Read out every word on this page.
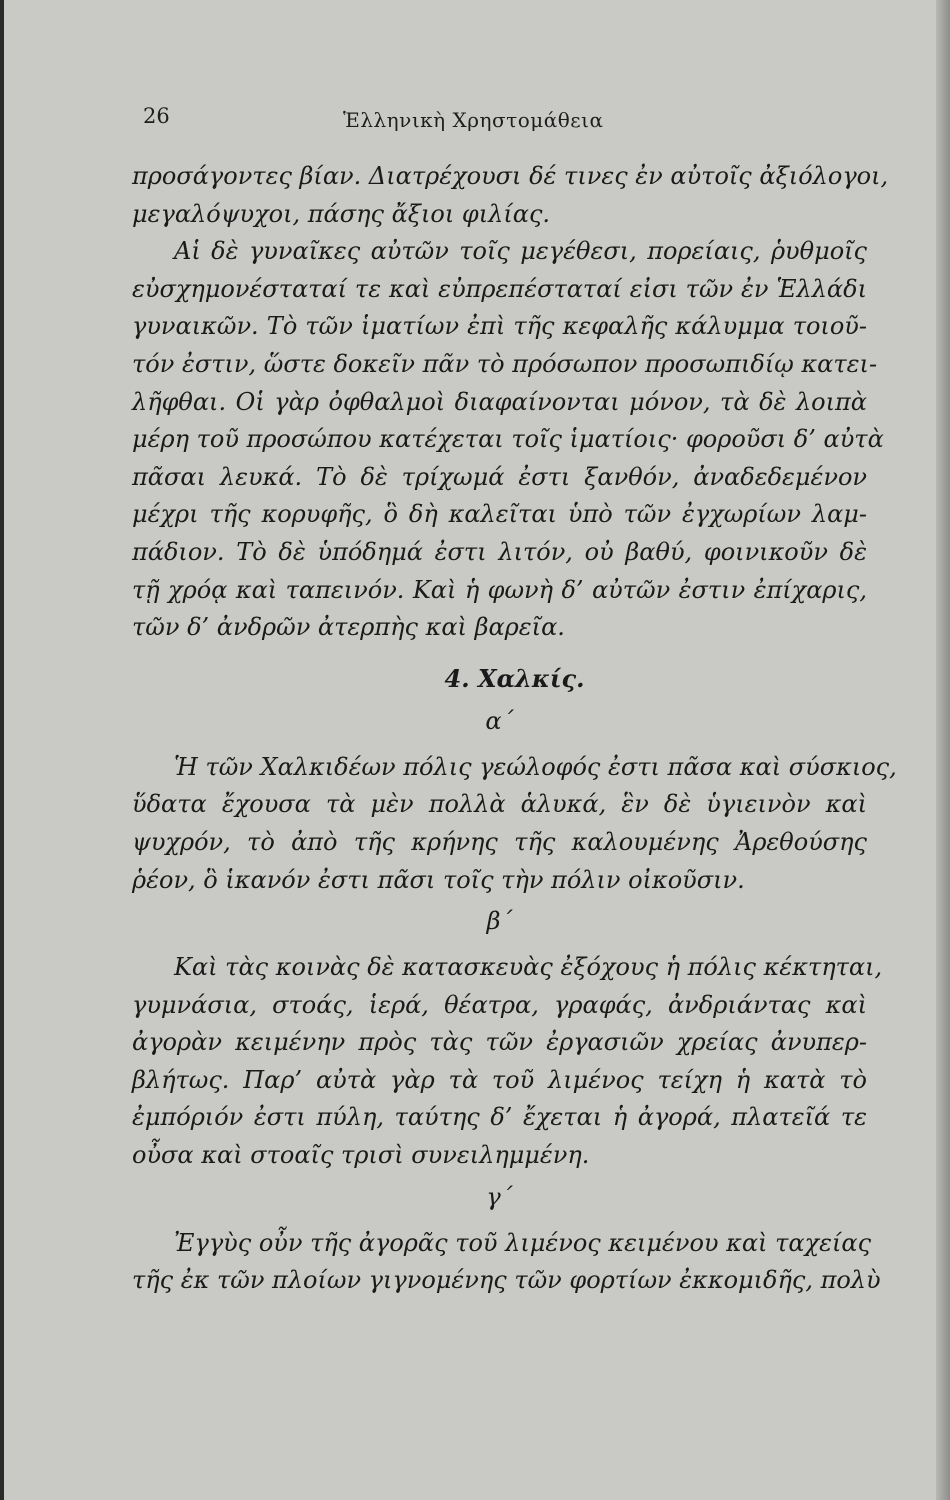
26	Ἑλληνικὴ Χρηστομάθεια
προσάγοντες βίαν. Διατρέχουσι δέ τινες ἐν αὐτοῖς ἀξιόλογοι,
μεγαλόψυχοι, πάσης ἄξιοι φιλίας.
Αἱ δὲ γυναῖκες αὐτῶν τοῖς μεγέθεσι, πορείαις, ῥυθμοῖς
εὐσχημονέσταταί τε καὶ εὐπρεπέσταταί εἰσι τῶν ἐν Ἑλλάδι
γυναικῶν. Τὸ τῶν ἱματίων ἐπὶ τῆς κεφαλῆς κάλυμμα τοιοῦ-
τόν ἐστιν, ὥστε δοκεῖν πᾶν τὸ πρόσωπον προσωπιδίῳ κατει-
λῆφθαι. Οἱ γὰρ ὀφθαλμοὶ διαφαίνονται μόνον, τὰ δὲ λοιπὰ
μέρη τοῦ προσώπου κατέχεται τοῖς ἱματίοις· φοροῦσι δ’ αὐτὰ
πᾶσαι λευκά. Τὸ δὲ τρίχωμά ἐστι ξανθόν, ἀναδεδεμένον
μέχρι τῆς κορυφῆς, ὃ δὴ καλεῖται ὑπὸ τῶν ἐγχωρίων λαμ-
πάδιον. Τὸ δὲ ὑπόδημά ἐστι λιτόν, οὐ βαθύ, φοινικοῦν δὲ
τῇ χρόᾳ καὶ ταπεινόν. Καὶ ἡ φωνὴ δ’ αὐτῶν ἐστιν ἐπίχαρις,
τῶν δ’ ἀνδρῶν ἀτερπὴς καὶ βαρεῖα.
4. Χαλκίς.
α΄
Ἡ τῶν Χαλκιδέων πόλις γεώλοφός ἐστι πᾶσα καὶ σύσκιος,
ὕδατα ἔχουσα τὰ μὲν πολλὰ ἁλυκά, ἓν δὲ ὑγιεινὸν καὶ
ψυχρόν, τὸ ἀπὸ τῆς κρήνης τῆς καλουμένης Ἀρεθούσης
ῥέον, ὃ ἱκανόν ἐστι πᾶσι τοῖς τὴν πόλιν οἰκοῦσιν.
β΄
Καὶ τὰς κοινὰς δὲ κατασκευὰς ἐξόχους ἡ πόλις κέκτηται,
γυμνάσια, στοάς, ἱερά, θέατρα, γραφάς, ἀνδριάντας καὶ
ἀγορὰν κειμένην πρὸς τὰς τῶν ἐργασιῶν χρείας ἀνυπερ-
βλήτως. Παρ’ αὐτὰ γὰρ τὰ τοῦ λιμένος τείχη ἡ κατὰ τὸ
ἐμπόριόν ἐστι πύλη, ταύτης δ’ ἔχεται ἡ ἀγορά, πλατεῖά τε
οὖσα καὶ στοαῖς τρισὶ συνειλημμένη.
γ΄
Ἐγγὺς οὖν τῆς ἀγορᾶς τοῦ λιμένος κειμένου καὶ ταχείας
τῆς ἐκ τῶν πλοίων γιγνομένης τῶν φορτίων ἐκκομιδῆς, πολὺ
